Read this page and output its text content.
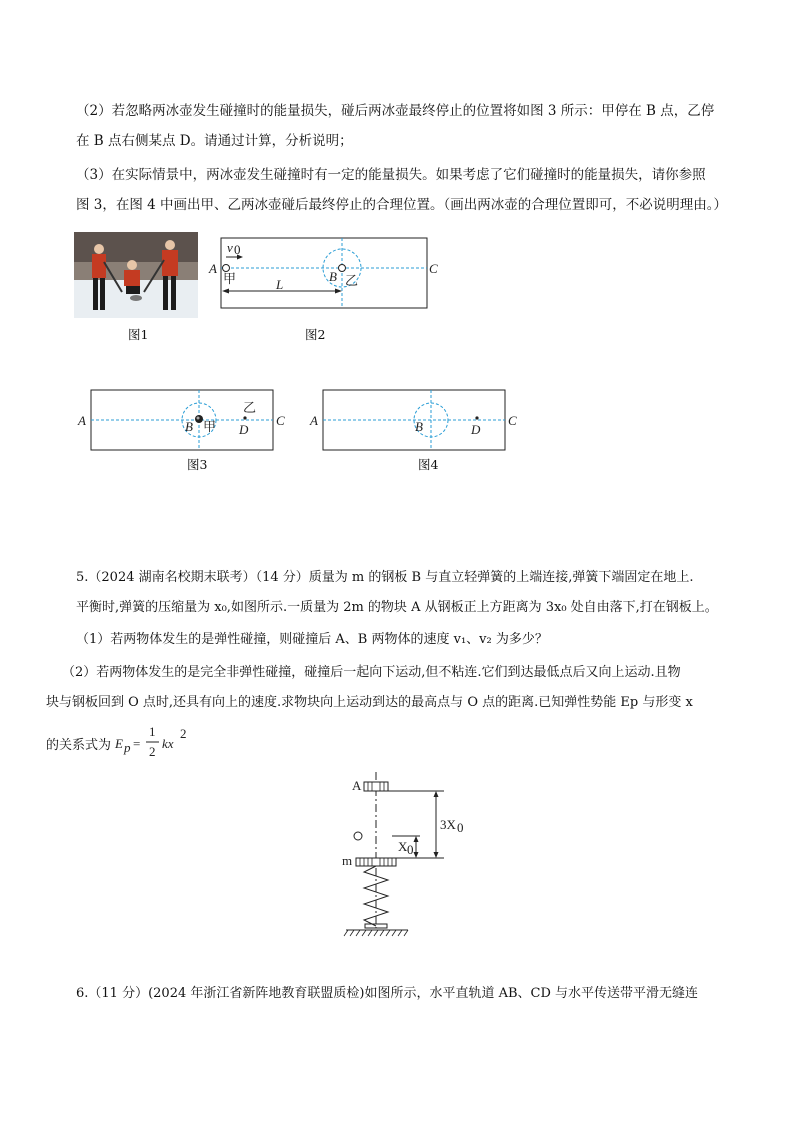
（2）若忽略两冰壶发生碰撞时的能量损失，碰后两冰壶最终停止的位置将如图 3 所示：甲停在 B 点，乙停
在 B 点右侧某点 D。请通过计算，分析说明；
（3）在实际情景中，两冰壶发生碰撞时有一定的能量损失。如果考虑了它们碰撞时的能量损失，请你参照
图 3，在图 4 中画出甲、乙两冰壶碰后最终停止的合理位置。（画出两冰壶的合理位置即可，不必说明理由。）
图1
A	C
B 乙
甲
v 0
L
图2
A	C
B 甲 D
乙
图3
A	C
B	D
图4
5.（2024 湖南名校期末联考）（14 分）质量为 m 的钢板 B 与直立轻弹簧的上端连接,弹簧下端固定在地上.
平衡时,弹簧的压缩量为 x₀,如图所示.一质量为 2m 的物块 A 从钢板正上方距离为 3x₀ 处自由落下,打在钢板上。
（1）若两物体发生的是弹性碰撞，则碰撞后 A、B 两物体的速度 v₁、v₂ 为多少？
（2）若两物体发生的是完全非弹性碰撞，碰撞后一起向下运动,但不粘连.它们到达最低点后又向上运动.且物
块与钢板回到 O 点时,还具有向上的速度.求物块向上运动到达的最高点与 O 点的距离.已知弹性势能 Ep 与形变 x
的关系式为 E p =
1
2
kx
2
A
m
3X 0
X 0
6.（11 分）(2024 年浙江省新阵地教育联盟质检)如图所示，水平直轨道 AB、CD 与水平传送带平滑无缝连
